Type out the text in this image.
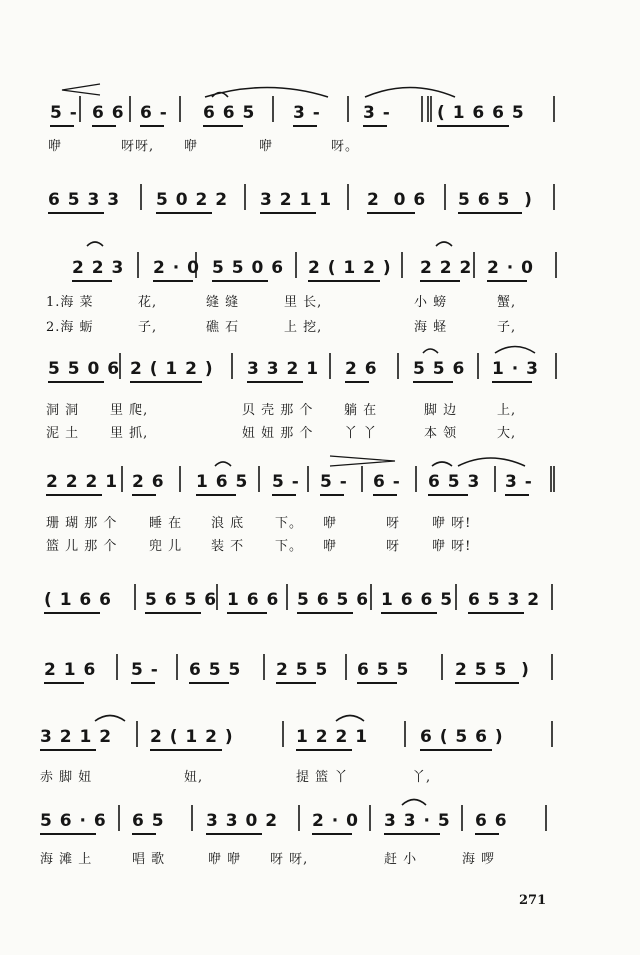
5 - 6 6 6 - 6 6 5 3 - 3 -	( 1 6 6 5
6 5 3 3 5 0 2 2 3 2 1 1 2  0 6 5 6 5  )
2 2 3 2 · 0 5 5 0 6 2 ( 1 2 ) 2 2 2 2 · 0
5 5 0 6 2 ( 1 2 ) 3 3 2 1 2 6 5 5 6 1 · 3
2 2 2 1 2 6 1 6 5 5 - 5 - 6 - 6 5 3 3 -
( 1 6 6 5 6 5 6 1 6 6 5 6 5 6 1 6 6 5 6 5 3 2
2 1 6 5 - 6 5 5 2 5 5 6 5 5	2 5 5  )
3 2 1 2 2 ( 1 2 )	1 2 2 1	6 ( 5 6 )
5 6 · 6 6 5 3 3 0 2 2 · 0 3 3 · 5 6 6
咿	呀呀, 咿	咿	呀。
1.海 菜	花,	缝 缝	里 长,	小 螃	蟹,
2.海 蛎	子,	礁 石	上 挖,	海 蛏	子,
洞 洞 里 爬,	贝 壳 那 个 躺 在	脚 边	上,
泥 土 里 抓,	妞 妞 那 个 丫 丫	本 领	大,
珊 瑚 那 个 睡 在 浪 底 下。 咿	呀 咿 呀!
篮 儿 那 个 兜 儿 装 不 下。 咿	呀 咿 呀!
赤 脚 妞	妞,	提 篮 丫	丫,
海 滩 上	唱 歌	咿 咿 呀 呀,	赶 小	海 啰
271
